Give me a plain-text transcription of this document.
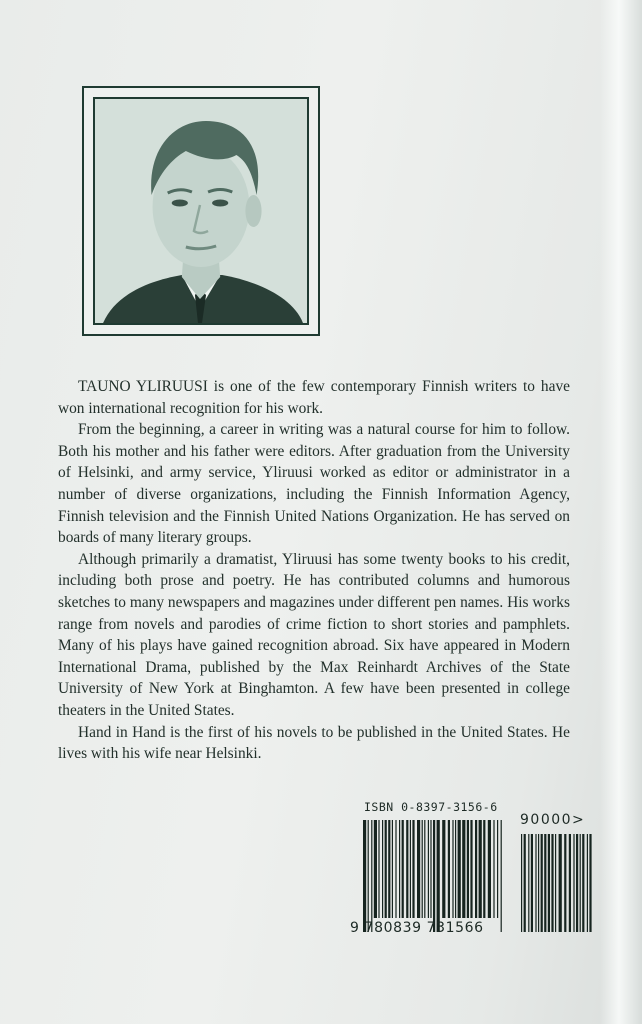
TAUNO YLIRUUSI is one of the few contemporary Finnish writers to have won international recognition for his work.

From the beginning, a career in writing was a natural course for him to follow. Both his mother and his father were editors. After graduation from the University of Helsinki, and army service, Yliruusi worked as editor or administrator in a number of diverse organizations, including the Finnish Information Agency, Finnish television and the Finnish United Nations Organization. He has served on boards of many literary groups.

Although primarily a dramatist, Yliruusi has some twenty books to his credit, including both prose and poetry. He has contributed columns and humorous sketches to many newspapers and magazines under different pen names. His works range from novels and parodies of crime fiction to short stories and pamphlets. Many of his plays have gained recognition abroad. Six have appeared in Modern International Drama, published by the Max Reinhardt Archives of the State University of New York at Binghamton. A few have been presented in college theaters in the United States.

Hand in Hand is the first of his novels to be published in the United States. He lives with his wife near Helsinki.

ISBN 0-8397-3156-6
90000>
9 780839 731566
